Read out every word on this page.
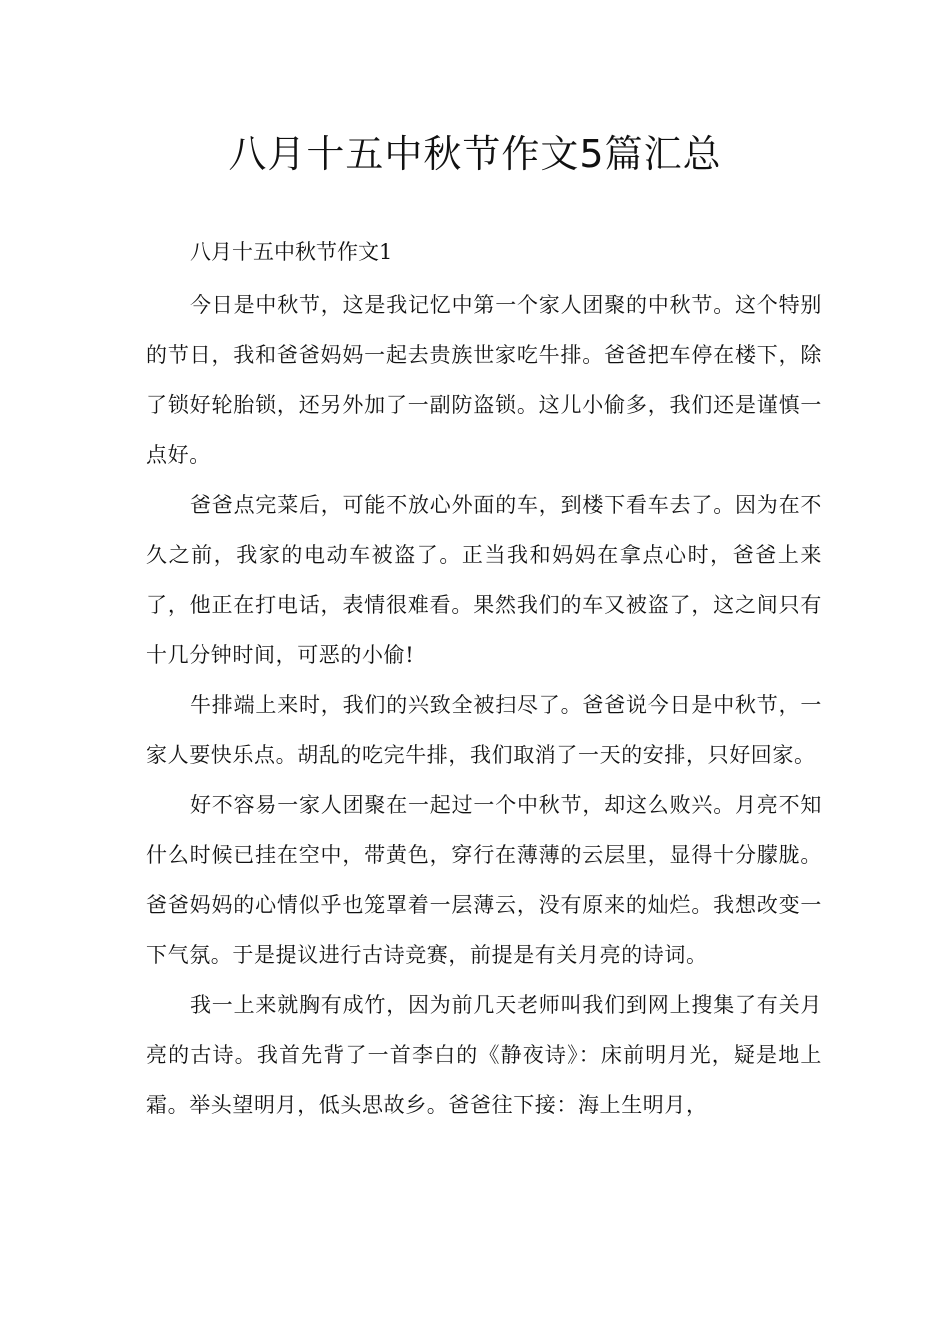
八月十五中秋节作文5篇汇总

八月十五中秋节作文1

今日是中秋节，这是我记忆中第一个家人团聚的中秋节。这个特别的节日，我和爸爸妈妈一起去贵族世家吃牛排。爸爸把车停在楼下，除了锁好轮胎锁，还另外加了一副防盗锁。这儿小偷多，我们还是谨慎一点好。

爸爸点完菜后，可能不放心外面的车，到楼下看车去了。因为在不久之前，我家的电动车被盗了。正当我和妈妈在拿点心时，爸爸上来了，他正在打电话，表情很难看。果然我们的车又被盗了，这之间只有十几分钟时间，可恶的小偷!

牛排端上来时，我们的兴致全被扫尽了。爸爸说今日是中秋节，一家人要快乐点。胡乱的吃完牛排，我们取消了一天的安排，只好回家。

好不容易一家人团聚在一起过一个中秋节，却这么败兴。月亮不知什么时候已挂在空中，带黄色，穿行在薄薄的云层里，显得十分朦胧。爸爸妈妈的心情似乎也笼罩着一层薄云，没有原来的灿烂。我想改变一下气氛。于是提议进行古诗竞赛，前提是有关月亮的诗词。

我一上来就胸有成竹，因为前几天老师叫我们到网上搜集了有关月亮的古诗。我首先背了一首李白的《静夜诗》：床前明月光，疑是地上霜。举头望明月，低头思故乡。爸爸往下接：海上生明月，
